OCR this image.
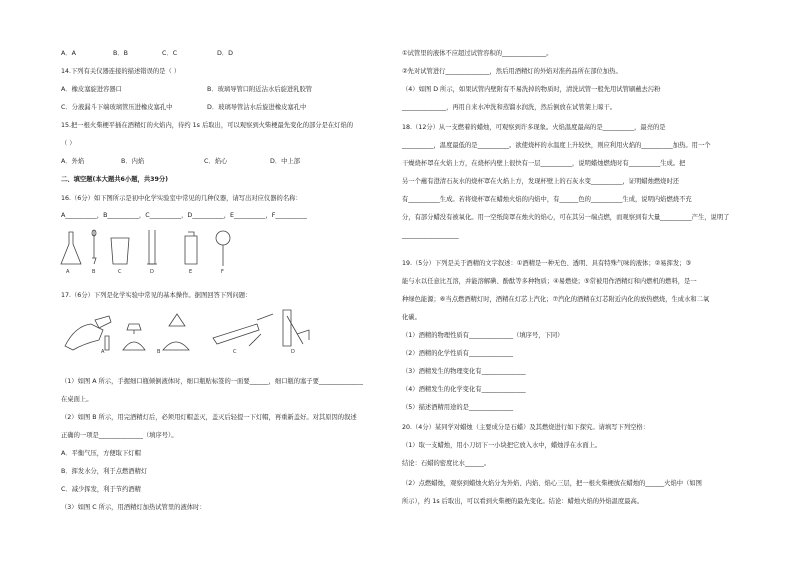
A．A	B．B	C．C	D．D
14.下列有关仪器连接的描述错误的是（ ）
A．橡皮塞旋进容器口	B．玻璃导管口附近沾水后旋进乳胶管
C．分液漏斗下端玻璃管压进橡皮塞孔中	D．玻璃导管沾水后旋进橡皮塞孔中
15.把一根火柴梗平插在酒精灯的火焰内，待约 1s 后取出，可以观察到火柴梗最先变化的部分是在灯焰的
（ ）
A．外焰	B．内焰	C．焰心	D．中上部
二、填空题(本大题共6小题，共39分)
16.（6分）如下图所示是初中化学实验室中常见的几种仪器，请写出对应仪器的名称：
A__________，B__________，C__________，D__________，E__________，F__________
A	B	C	D	E	F
17.（6分）下列是化学实验中常见的基本操作。据图回答下列问题：
A	B	C	D
（1）如图 A 所示，手握细口瓶倾倒液体时，细口瓶贴标签的一面要______，细口瓶的塞子要______________
在桌面上。
（2）如图 B 所示，用完酒精灯后，必须用灯帽盖灭，盖灭后轻提一下灯帽，再重新盖好。对其原因的叙述
正确的一项是______________（填序号）。
A．平衡气压，方便取下灯帽
B．挥发水分，利于点燃酒精灯
C．减少挥发，利于节约酒精
（3）如图 C 所示，用酒精灯加热试管里的液体时：
①试管里的液体不应超过试管容积的______________。
②先对试管进行______________，然后用酒精灯的外焰对准药品所在部位加热。
（4）如图 D 所示，如果试管内壁附有不易洗掉的物质时，清洗试管一般先用试管刷蘸去污粉
______________，再用自来水冲洗和蒸馏水润洗，然后倒放在试管架上晾干。
18.（12分）从一支燃着的蜡烛，可观察到许多现象。火焰温度最高的是__________，最亮的是
__________，温度最低的是__________。欲使烧杯的水温度上升较快，则应利用火焰的__________加热。用一个
干燥烧杯罩在火焰上方，在烧杯内壁上很快有一层__________，说明蜡烛燃烧时有__________生成。把
另一个蘸有澄清石灰水的烧杯罩在火焰上方，发现杯壁上的石灰水变__________，证明蜡烛燃烧时还
有__________生成。若将烧杯罩在蜡烛火焰的内焰中，有______色的__________生成，说明内焰燃烧不充
分，有部分蜡没有被氧化。用一空纸筒罩在烛火的焰心，可在其另一端点燃，而观察到有大量__________产生，说明了
__________________
19.（5分）下列是关于酒精的文字叙述：①酒精是一种无色、透明、具有特殊气味的液体；②易挥发；③
能与水以任意比互溶，并能溶解碘、酚酞等多种物质；④易燃烧；⑤常被用作酒精灯和内燃机的燃料，是一
种绿色能源；⑥当点燃酒精灯时，酒精在灯芯上汽化；⑦汽化的酒精在灯芯附近内化的放热燃烧，生成水和二氧
化碳。
（1）酒精的物理性质有______________（填序号，下同）
（2）酒精的化学性质有______________
（3）酒精发生的物理变化有______________
（4）酒精发生的化学变化有______________
（5）描述酒精用途的是______________
20.（4分）某同学对蜡烛（主要成分是石蜡）及其燃烧进行如下探究。请填写下列空格：
（1）取一支蜡烛，用小刀切下一小块把它放入水中，蜡烛浮在水面上。
结论：石蜡的密度比水______。
（2）点燃蜡烛，观察到蜡烛火焰分为外焰、内焰、焰心三层，把一根火柴梗放在蜡烛的______火焰中（如图
所示），约 1s 后取出，可以看到火柴梗的最先变化。结论：蜡烛火焰的外焰温度最高。
